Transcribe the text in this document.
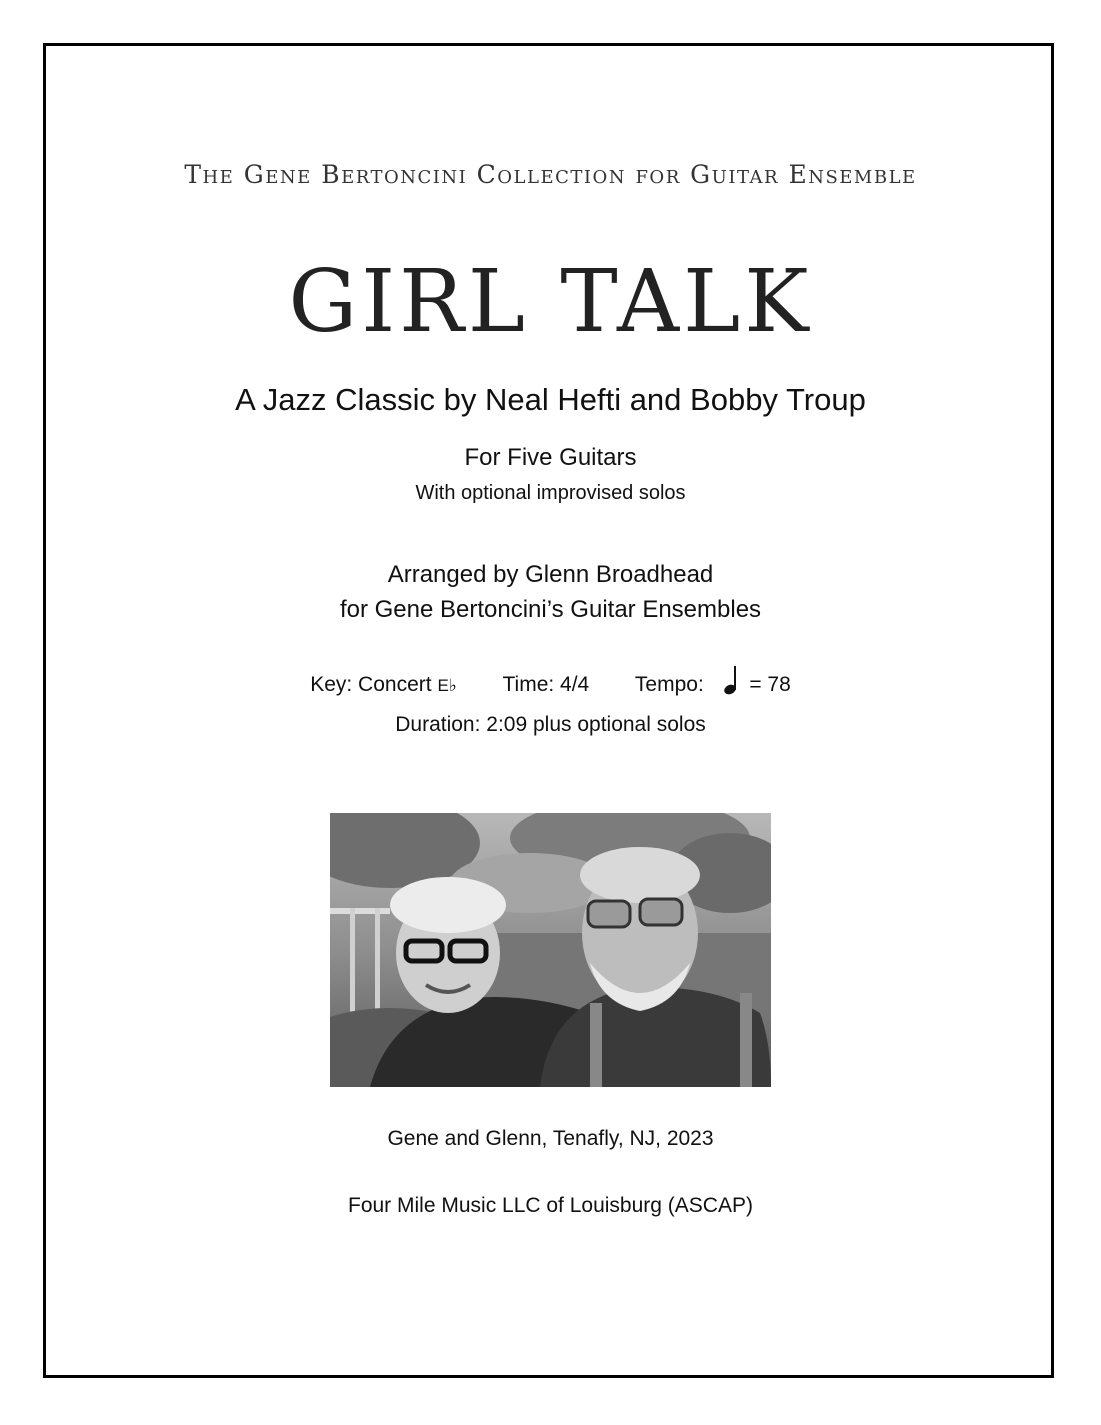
The Gene Bertoncini Collection for Guitar Ensemble
GIRL TALK
A Jazz Classic by Neal Hefti and Bobby Troup
For Five Guitars
With optional improvised solos
Arranged by Glenn Broadhead
for Gene Bertoncini’s Guitar Ensembles
Key: Concert E♭ Time: 4/4 Tempo: = 78
Duration: 2:09 plus optional solos
Gene and Glenn, Tenafly, NJ, 2023
Four Mile Music LLC of Louisburg (ASCAP)
